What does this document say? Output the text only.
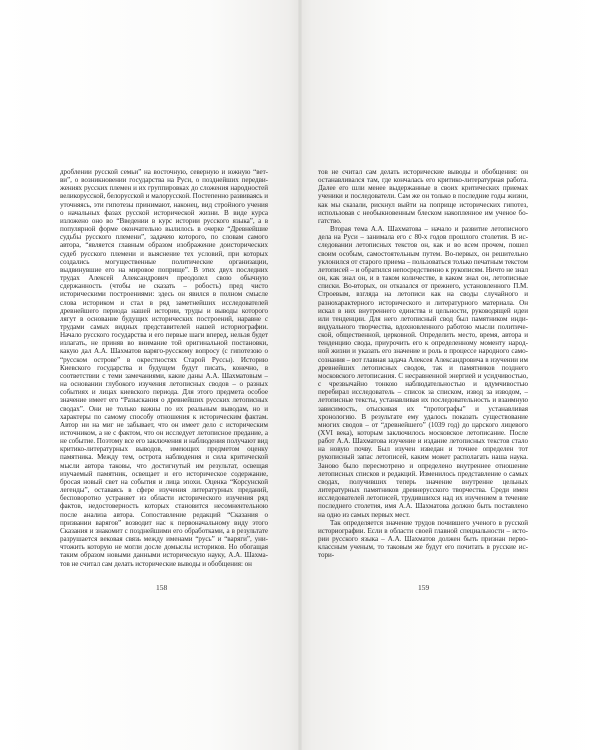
дроблении русской семьи” на восточную, северную и южную “ветви”, о возникновении государства на Руси, о позднейших передвижениях русских племен и их группировках до сложения народностей великорусской, белорусской и малорусской. Постепенно развиваясь и уточняясь, эти гипотезы принимают, наконец, вид стройного учения о начальных фазах русской исторической жизни. В виде курса изложено оно во “Введении в курс истории русского языка”, а в популярной форме окончательно вылилось в очерке “Древнейшие судьбы русского племени”, задачею которого, по словам самого автора, “является главным образом изображение доисторических судеб русского племени и выяснение тех условий, при которых создались могущественные политические организации, выдвинувшие его на мировое поприще”. В этих двух последних трудах Алексей Александрович преодолел свою обычную сдержанность (чтобы не сказать – робость) пред чисто историческими построениями: здесь он явился в полном смысле слова историком и стал в ряд заметнейших исследователей древнейшего периода нашей истории, труды и выводы которого лягут в основание будущих исторических построений, наравне с трудами самых видных представителей нашей историографии. Начало русского государства и его первые шаги вперед, нельзя будет излагать, не приняв во внимание той оригинальной постановки, какую дал А.А. Шахматов варяго-русскому вопросу (с гипотезою о “русском острове” в окрестностях Старой Руссы). Историю Киевского государства и будущем будут писать, конечно, в соответствии с теми замечаниями, какие даны А.А. Шахматовым – на основании глубокого изучения летописных сводов – о разных событиях и лицах киевского периода. Для этого предмета особое значение имеет его “Разыскания о древнейших русских летописных сводах”. Они не только важны по их реальным выводам, но и характеры по самому способу отношения к историческим фактам. Автор ни на миг не забывает, что он имеет дело с историческим источником, а не с фактом, что он исследует летописное предание, а не событие. Поэтому все его заключения и наблюдения получают вид критико-литературных выводов, имеющих предметом оценку памятника. Между тем, острота наблюдения и сила критической мысли автора таковы, что достигнутый им результат, освещая изучаемый памятник, освещает и его историческое содержание, бросая новый свет на события и лица эпохи. Оценка “Корсунской легенды”, оставаясь в сфере изучения литературных преданий, бесповоротно устраняет из области исторического изучения ряд фактов, недостоверность которых становится несомнентельною после анализа автора. Сопоставление редакций “Сказания о призвании варягов” возводит нас к первоначальному виду этого Сказания и знакомит с позднейшими его обработками, а в результате разрушается вековая связь между именами “русь” и “варяги”, уничтожить которую не могли досле домыслы историков. Но обогащая таким образом новыми данными историческую науку, А.А. Шахматов не считал сам делать исторические выводы и обобщения: он

158

тов не считал сам делать исторические выводы и обобщения: он останавливался там, где кончалась его критико-литературная работа. Далее его шли менее выдержанные в своих критических приемах ученики и последователи. Сам же он только в последние годы жизни, как мы сказали, рискнул выйти на поприще исторических гипотез, использовав с необыкновенным блеском накопленное им ученое богатство.

Вторая тема А.А. Шахматова – начало и развитие летописного дела на Руси – занимала его с 80-х годов прошлого столетия. В исследовании летописных текстов он, как и во всем прочем, пошел своим особым, самостоятельным путем. Во-первых, он решительно уклонился от старого приема – пользоваться только печатным текстом летописей – и обратился непосредственно к рукописям. Ничто не знал он, как знал он, и в таком количестве, в каком знал он, летописные списки. Во-вторых, он отказался от прежнего, установленного П.М. Строевым, взгляда на летописи как на своды случайного и разнохарактерного исторического и литературного материала. Он искал в них внутреннего единства и цельности, руководящей идеи или тенденции. Для него летописный свод был памятником индивидуального творчества, вдохновленного работою мысли политической, общественной, церковной. Определить место, время, автора и тенденцию свода, приурочить его к определенному моменту народной жизни и указать его значение и роль в процессе народного самосознания – вот главная задача Алексея Александровича в изучении им древнейших летописных сводов, так и памятников позднего московского летописания. С несравненной энергией и усидчивостью, с чрезвычайно тонкою наблюдательностью и вдумчивостью перебирал исследователь – список за списком, извод за изводом, – летописные тексты, устанавливая их последовательность и взаимную зависимость, отыскивая их “протографы” и устанавливая хронологию. В результате ему удалось показать существование многих сводов – от “древнейшего” (1039 год) до царского лицевого (XVI века), которым заключилось московское летописание. После работ А.А. Шахматова изучение и издание летописных текстов стало на новую почву. Был изучен изведан и точнее определен тот рукописный запас летописей, каким может располагать наша наука. Заново было пересмотрено и определено внутреннее отношение летописных списков и редакций. Изменилось представление о самых сводах, получивших теперь значение внутренне цельных литературных памятников древнерусского творчества. Среди имен исследователей летописей, трудившихся над их изучением в течение последнего столетия, имя А.А. Шахматова должно быть поставлено на одно из самых первых мест.

Так определяется значение трудов почившего ученого в русской историографии. Если в области своей главной специальности – истории русского языка – А.А. Шахматов должен быть признан первоклассным ученым, то таковым же будут его почитать в русские истори-

159
